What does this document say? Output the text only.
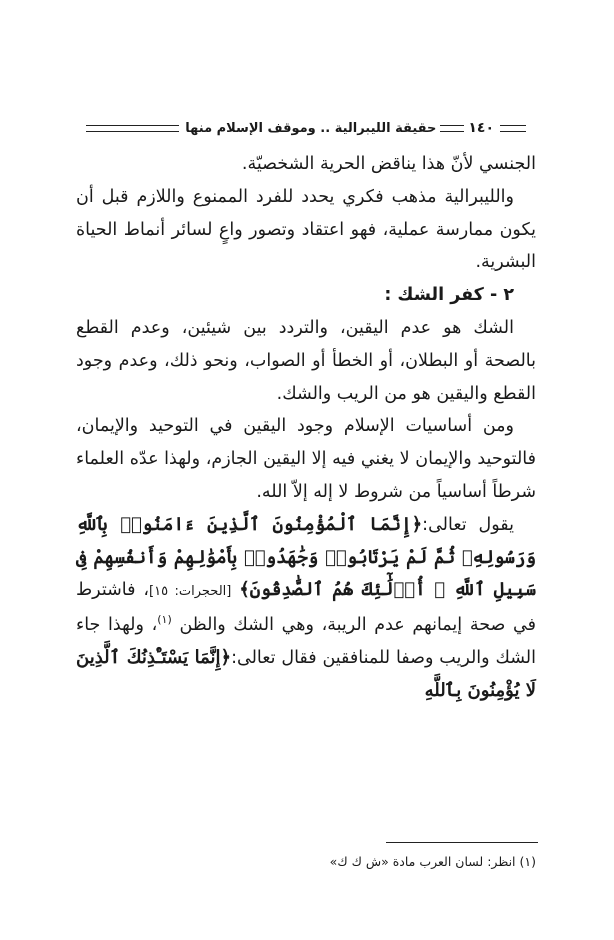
١٤٠
حقيقة الليبرالية .. وموقف الإسلام منها

الجنسي لأنّ هذا يناقض الحرية الشخصيّة.

والليبرالية مذهب فكري يحدد للفرد الممنوع واللازم قبل أن يكون ممارسة عملية، فهو اعتقاد وتصور واعٍ لسائر أنماط الحياة البشرية.

٢ - كفر الشك :

الشك هو عدم اليقين، والتردد بين شيئين، وعدم القطع بالصحة أو البطلان، أو الخطأ أو الصواب، ونحو ذلك، وعدم وجود القطع واليقين هو من الريب والشك.

ومن أساسيات الإسلام وجود اليقين في التوحيد والإيمان، فالتوحيد والإيمان لا يغني فيه إلا اليقين الجازم، ولهذا عدّه العلماء شرطاً أساسياً من شروط لا إله إلاّ الله.

يقول تعالى:﴿إِنَّمَا ٱلْمُؤْمِنُونَ ٱلَّذِينَ ءَامَنُوا۟ بِٱللَّهِ وَرَسُولِهِۦ ثُمَّ لَمْ يَرْتَابُوا۟ وَجَٰهَدُوا۟ بِأَمْوَٰلِهِمْ وَأَنفُسِهِمْ فِى سَبِيلِ ٱللَّهِ ۚ أُو۟لَٰٓئِكَ هُمُ ٱلصَّٰدِقُونَ﴾ [الحجرات: ١٥]، فاشترط في صحة إيمانهم عدم الريبة، وهي الشك والظن $^{(١)}$، ولهذا جاء الشك والريب وصفا للمنافقين فقال تعالى:﴿إِنَّمَا يَسْتَـْٔذِنُكَ ٱلَّذِينَ لَا يُؤْمِنُونَ بِٱللَّهِ

(١) انظر: لسان العرب مادة «ش ك ك»
